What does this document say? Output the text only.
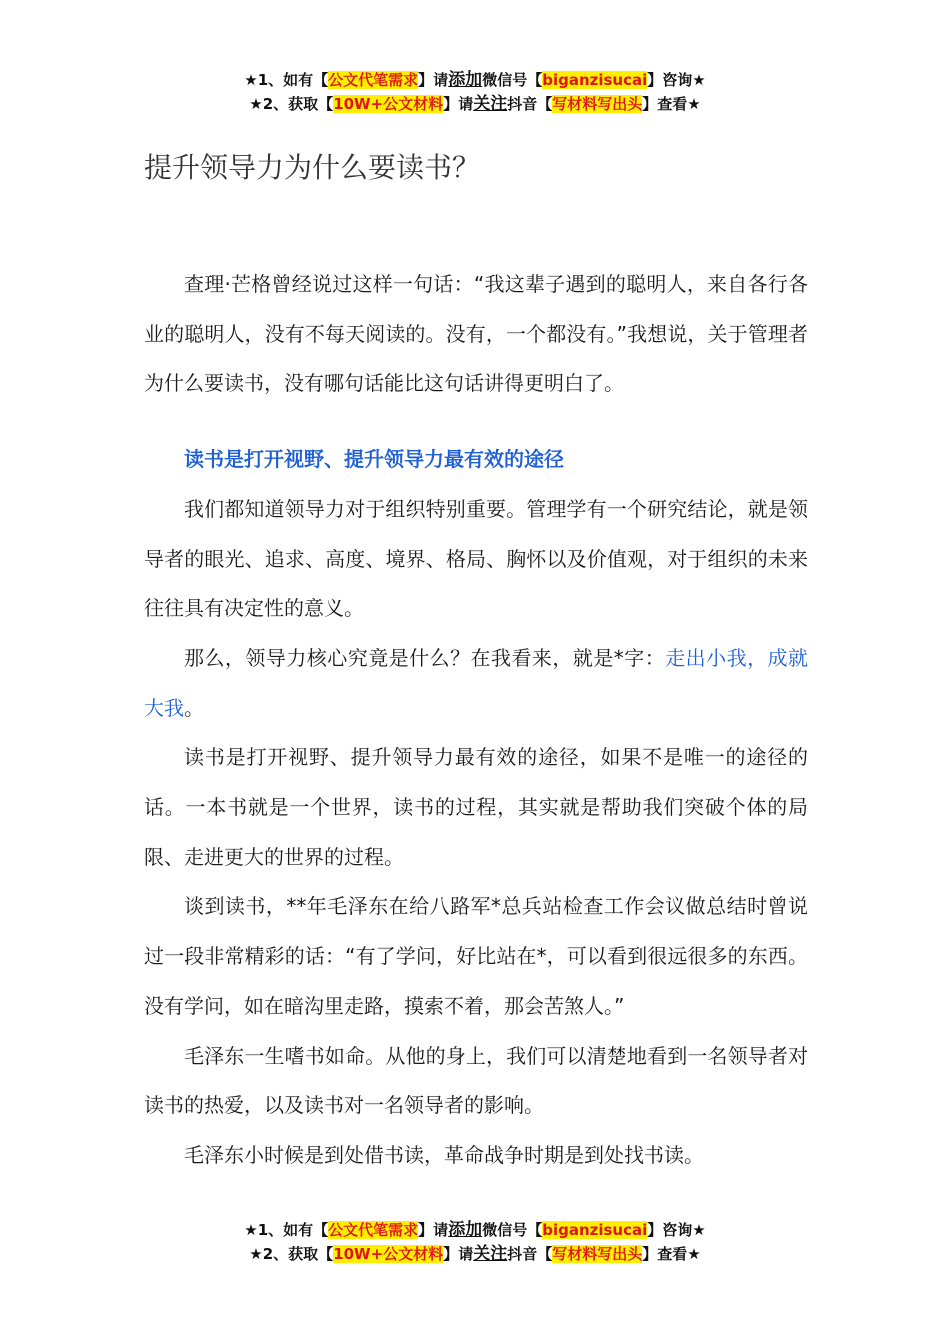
★1、如有【公文代笔需求】请添加微信号【biganzisucai】咨询★
★2、获取【10W+公文材料】请关注抖音【写材料写出头】查看★
提升领导力为什么要读书？

查理·芒格曾经说过这样一句话：“我这辈子遇到的聪明人，来自各行各业的聪明人，没有不每天阅读的。没有，一个都没有。”我想说，关于管理者为什么要读书，没有哪句话能比这句话讲得更明白了。

读书是打开视野、提升领导力最有效的途径

我们都知道领导力对于组织特别重要。管理学有一个研究结论，就是领导者的眼光、追求、高度、境界、格局、胸怀以及价值观，对于组织的未来往往具有决定性的意义。

那么，领导力核心究竟是什么？在我看来，就是*字：走出小我，成就大我。

读书是打开视野、提升领导力最有效的途径，如果不是唯一的途径的话。一本书就是一个世界，读书的过程，其实就是帮助我们突破个体的局限、走进更大的世界的过程。

谈到读书，**年毛泽东在给八路军*总兵站检查工作会议做总结时曾说过一段非常精彩的话：“有了学问，好比站在*，可以看到很远很多的东西。没有学问，如在暗沟里走路，摸索不着，那会苦煞人。”

毛泽东一生嗜书如命。从他的身上，我们可以清楚地看到一名领导者对读书的热爱，以及读书对一名领导者的影响。

毛泽东小时候是到处借书读，革命战争时期是到处找书读。

★1、如有【公文代笔需求】请添加微信号【biganzisucai】咨询★
★2、获取【10W+公文材料】请关注抖音【写材料写出头】查看★
